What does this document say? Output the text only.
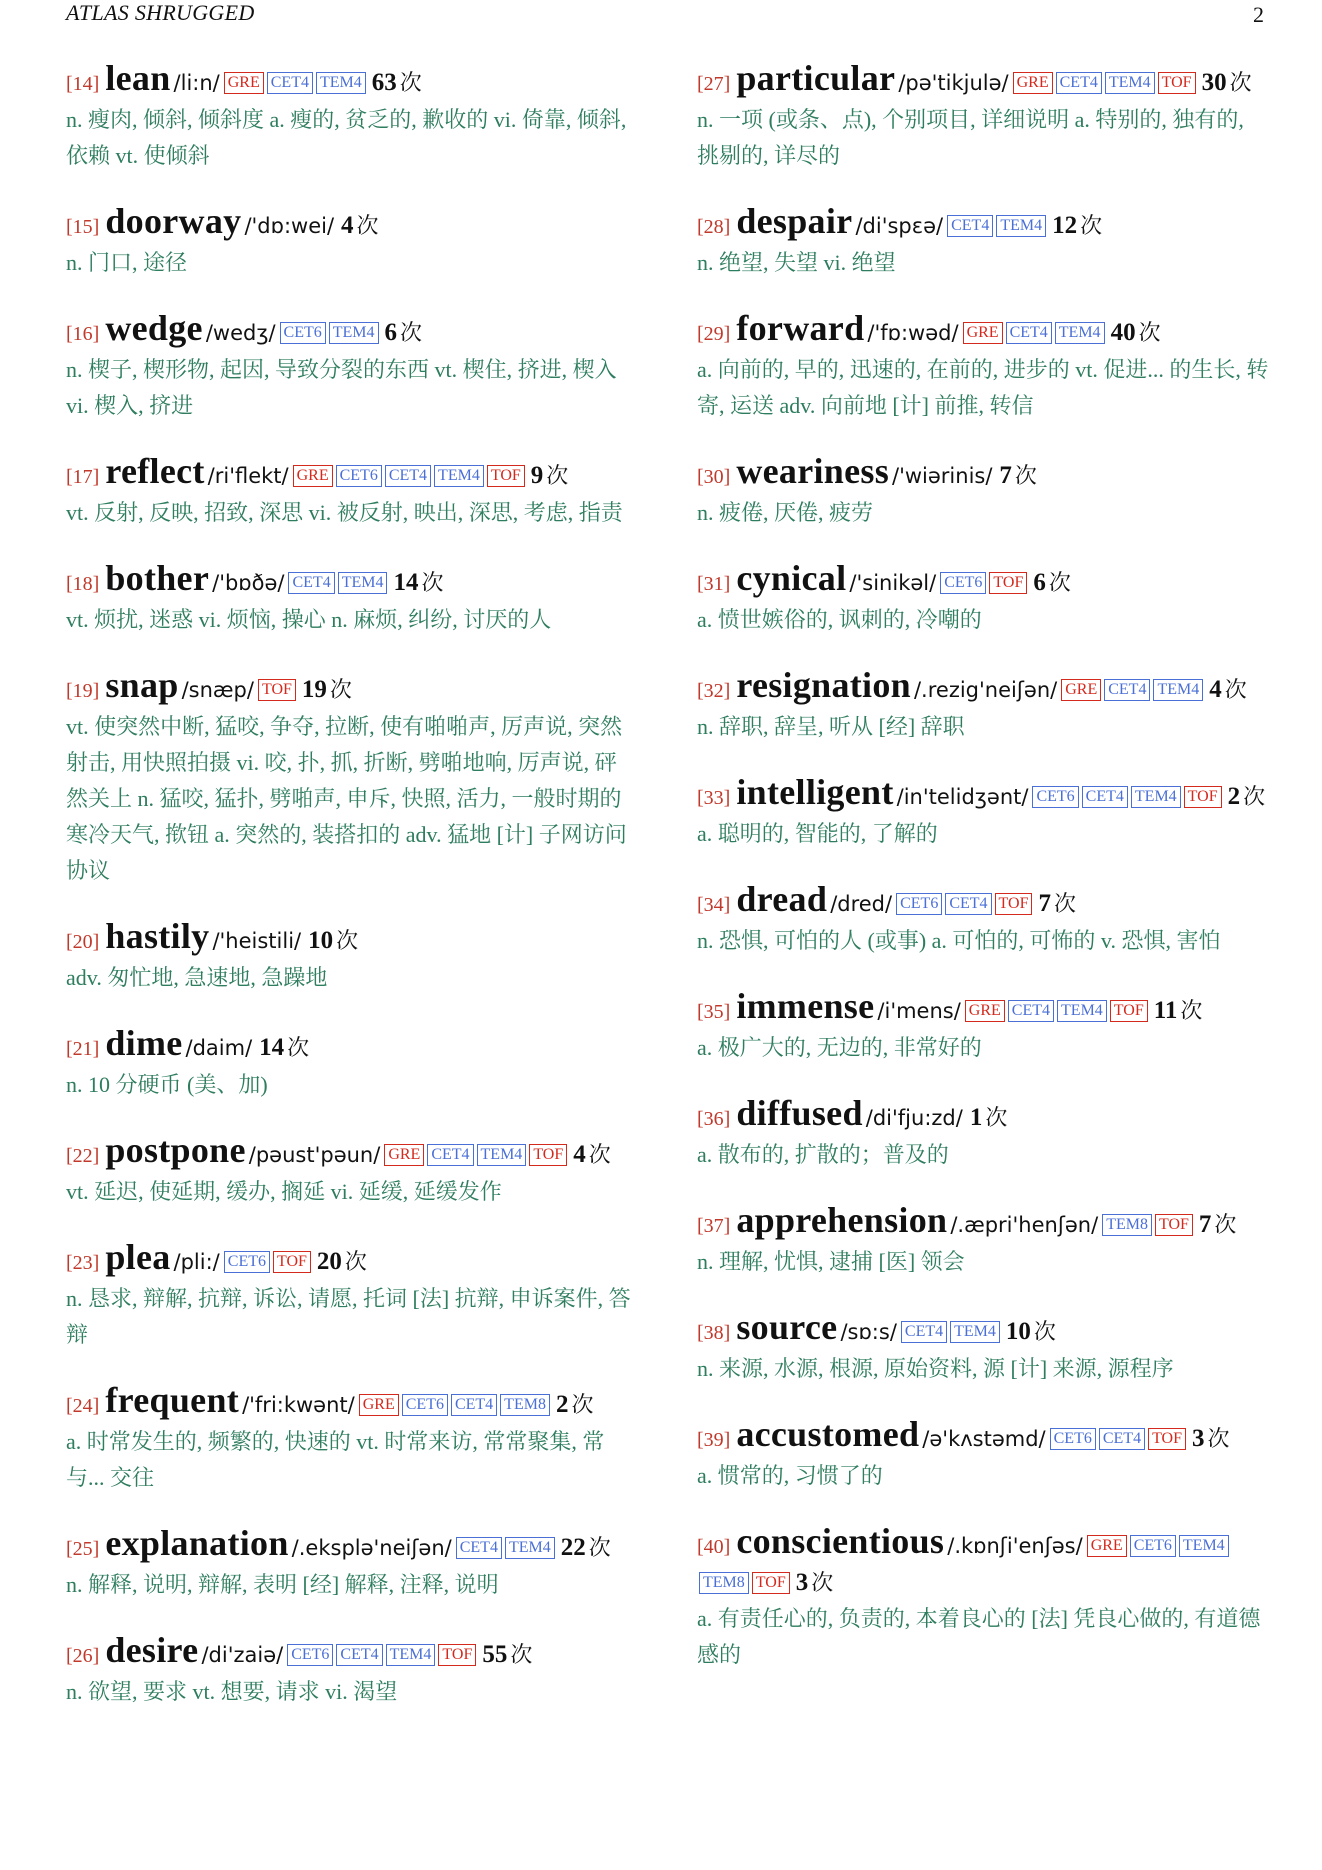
ATLAS SHRUGGED	2
[14] lean /li:n/ GRE CET4 TEM4 63 次
n. 瘦肉, 倾斜, 倾斜度 a. 瘦的, 贫乏的, 歉收的 vi. 倚靠, 倾斜, 依赖 vt. 使倾斜
[15] doorway /'dɒ:wei/ 4 次
n. 门口, 途径
[16] wedge /wedʒ/ CET6 TEM4 6 次
n. 楔子, 楔形物, 起因, 导致分裂的东西 vt. 楔住, 挤进, 楔入 vi. 楔入, 挤进
[17] reflect /ri'flekt/ GRE CET6 CET4 TEM4 TOF 9 次
vt. 反射, 反映, 招致, 深思 vi. 被反射, 映出, 深思, 考虑, 指责
[18] bother /'bɒðə/ CET4 TEM4 14 次
vt. 烦扰, 迷惑 vi. 烦恼, 操心 n. 麻烦, 纠纷, 讨厌的人
[19] snap /snæp/ TOF 19 次
vt. 使突然中断, 猛咬, 争夺, 拉断, 使有啪啪声, 厉声说, 突然射击, 用快照拍摄 vi. 咬, 扑, 抓, 折断, 劈啪地响, 厉声说, 砰然关上 n. 猛咬, 猛扑, 劈啪声, 申斥, 快照, 活力, 一般时期的寒冷天气, 揿钮 a. 突然的, 装搭扣的 adv. 猛地 [计] 子网访问协议
[20] hastily /'heistili/ 10 次
adv. 匆忙地, 急速地, 急躁地
[21] dime /daim/ 14 次
n. 10 分硬币 (美、加)
[22] postpone /pəust'pəun/ GRE CET4 TEM4 TOF 4 次
vt. 延迟, 使延期, 缓办, 搁延 vi. 延缓, 延缓发作
[23] plea /pli:/ CET6 TOF 20 次
n. 恳求, 辩解, 抗辩, 诉讼, 请愿, 托词 [法] 抗辩, 申诉案件, 答辩
[24] frequent /'fri:kwənt/ GRE CET6 CET4 TEM8 2 次
a. 时常发生的, 频繁的, 快速的 vt. 时常来访, 常常聚集, 常与... 交往
[25] explanation /.eksplə'neiʃən/ CET4 TEM4 22 次
n. 解释, 说明, 辩解, 表明 [经] 解释, 注释, 说明
[26] desire /di'zaiə/ CET6 CET4 TEM4 TOF 55 次
n. 欲望, 要求 vt. 想要, 请求 vi. 渴望
[27] particular /pə'tikjulə/ GRE CET4 TEM4 TOF 30 次
n. 一项 (或条、点), 个别项目, 详细说明 a. 特别的, 独有的, 挑剔的, 详尽的
[28] despair /di'spɛə/ CET4 TEM4 12 次
n. 绝望, 失望 vi. 绝望
[29] forward /'fɒ:wəd/ GRE CET4 TEM4 40 次
a. 向前的, 早的, 迅速的, 在前的, 进步的 vt. 促进... 的生长, 转寄, 运送 adv. 向前地 [计] 前推, 转信
[30] weariness /'wiərinis/ 7 次
n. 疲倦, 厌倦, 疲劳
[31] cynical /'sinikəl/ CET6 TOF 6 次
a. 愤世嫉俗的, 讽刺的, 冷嘲的
[32] resignation /.rezig'neiʃən/ GRE CET4 TEM4 4 次
n. 辞职, 辞呈, 听从 [经] 辞职
[33] intelligent /in'telidʒənt/ CET6 CET4 TEM4 TOF 2 次
a. 聪明的, 智能的, 了解的
[34] dread /dred/ CET6 CET4 TOF 7 次
n. 恐惧, 可怕的人 (或事) a. 可怕的, 可怖的 v. 恐惧, 害怕
[35] immense /i'mens/ GRE CET4 TEM4 TOF 11 次
a. 极广大的, 无边的, 非常好的
[36] diffused /di'fju:zd/ 1 次
a. 散布的, 扩散的；普及的
[37] apprehension /.æpri'henʃən/ TEM8 TOF 7 次
n. 理解, 忧惧, 逮捕 [医] 领会
[38] source /sɒ:s/ CET4 TEM4 10 次
n. 来源, 水源, 根源, 原始资料, 源 [计] 来源, 源程序
[39] accustomed /ə'kʌstəmd/ CET6 CET4 TOF 3 次
a. 惯常的, 习惯了的
[40] conscientious /.kɒnʃi'enʃəs/ GRE CET6 TEM4TEM8 TOF 3 次
a. 有责任心的, 负责的, 本着良心的 [法] 凭良心做的, 有道德感的
